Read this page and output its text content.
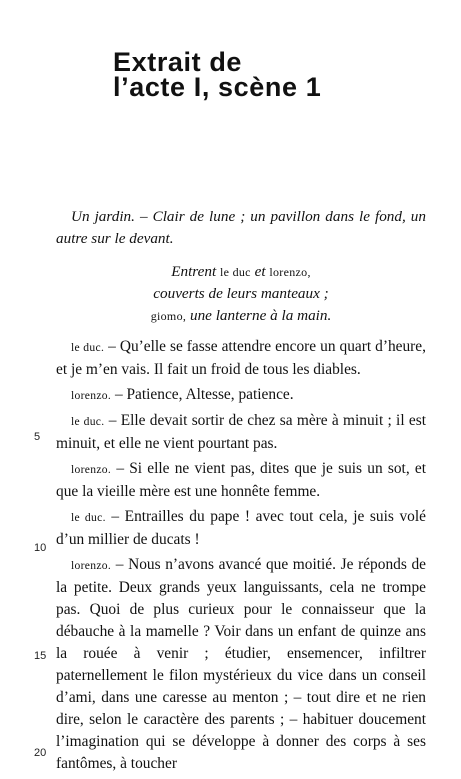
Extrait de
l’acte I, scène 1

Un jardin. – Clair de lune ; un pavillon dans le fond, un autre sur le devant.

Entrent le duc et lorenzo,
couverts de leurs manteaux ;
giomo, une lanterne à la main.

le duc. – Qu’elle se fasse attendre encore un quart d’heure, et je m’en vais. Il fait un froid de tous les diables.

lorenzo. – Patience, Altesse, patience.

le duc. – Elle devait sortir de chez sa mère à minuit ; il est minuit, et elle ne vient pourtant pas.

lorenzo. – Si elle ne vient pas, dites que je suis un sot, et que la vieille mère est une honnête femme.

le duc. – Entrailles du pape ! avec tout cela, je suis volé d’un millier de ducats !

lorenzo. – Nous n’avons avancé que moitié. Je réponds de la petite. Deux grands yeux languissants, cela ne trompe pas. Quoi de plus curieux pour le connaisseur que la débauche à la mamelle ? Voir dans un enfant de quinze ans la rouée à venir ; étudier, ensemencer, infiltrer paternellement le filon mystérieux du vice dans un conseil d’ami, dans une caresse au menton ; – tout dire et ne rien dire, selon le caractère des parents ; – habituer doucement l’imagination qui se développe à donner des corps à ses fantômes, à toucher

5
10
15
20
